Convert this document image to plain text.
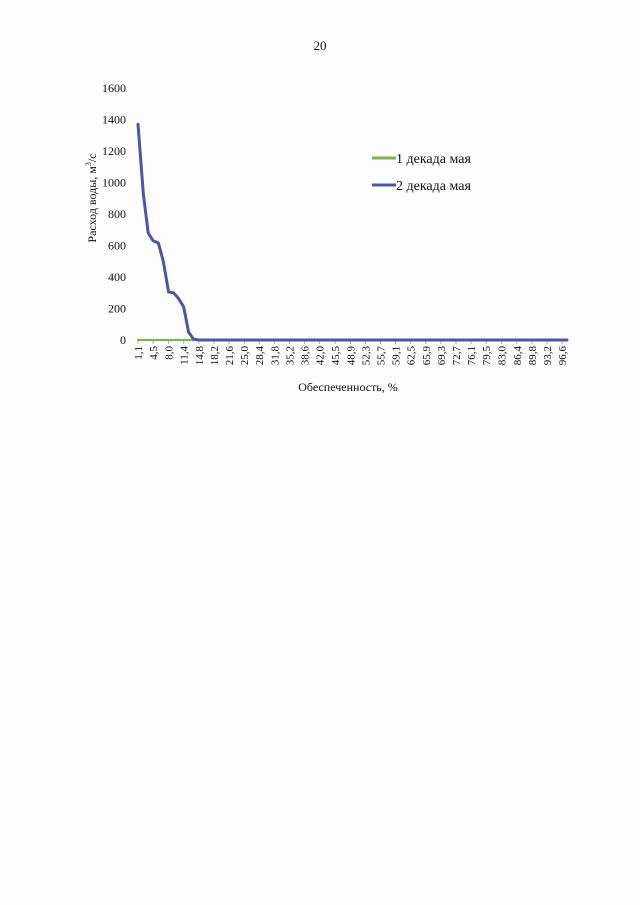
20
0
200
400
600
800
1000
1200
1400
1600
1,1 4,5 8,0 11,4 14,8 18,2 21,6 25,0 28,4 31,8 35,2 38,6 42,0 45,5 48,9 52,3 55,7 59,1 62,5 65,9 69,3 72,7 76,1 79,5 83,0 86,4 89,8 93,2 96,6
1 декада мая
2 декада мая
Обеспеченность, %
Расход воды, $м^3/с$
